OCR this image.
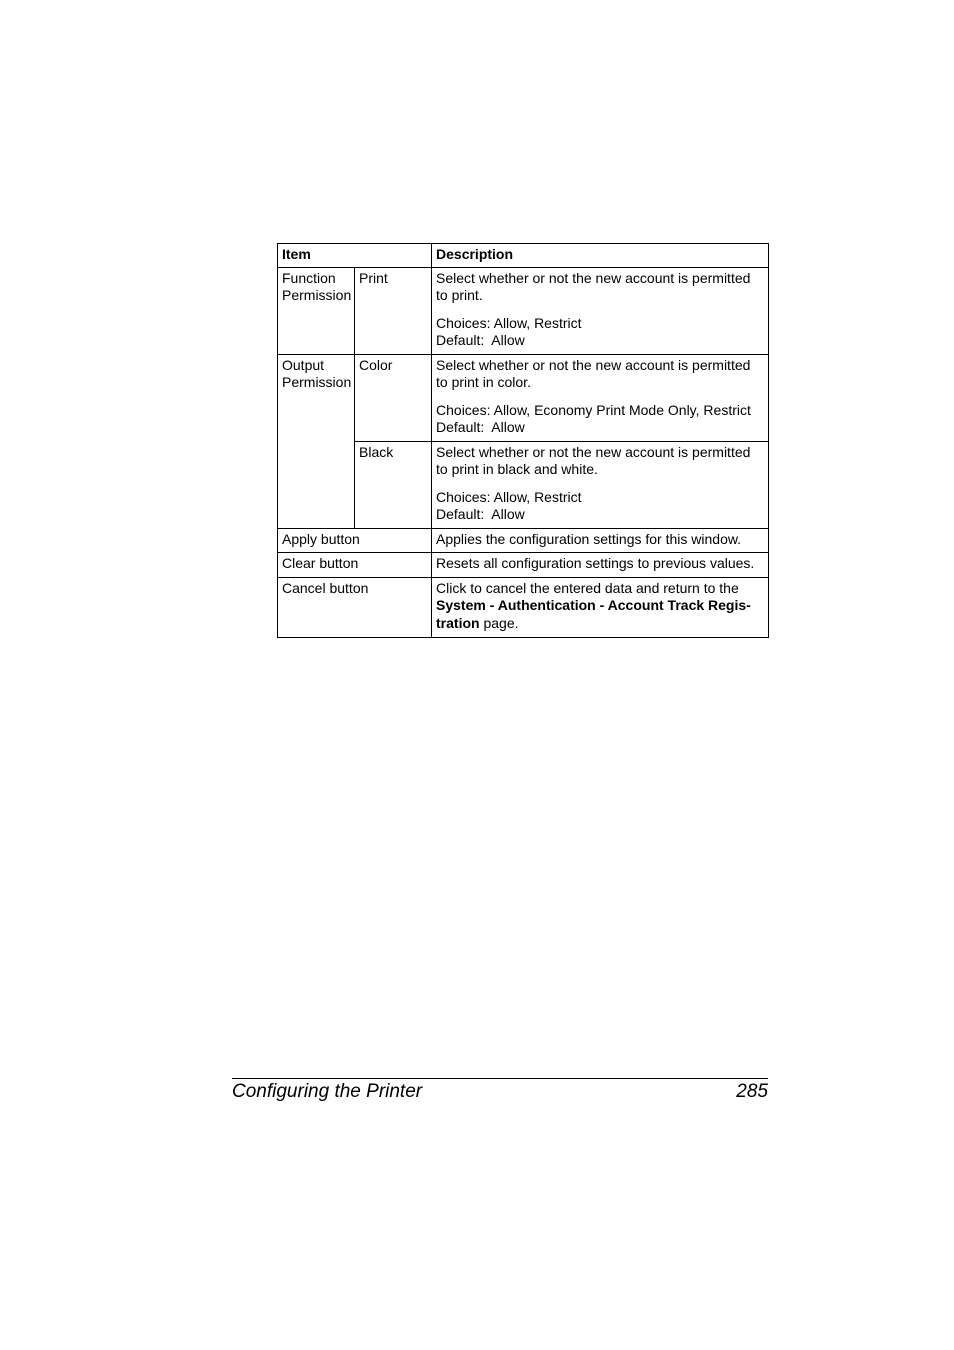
Item		Description
Function Permission	Print	Select whether or not the new account is permitted to print.
Choices: Allow, Restrict
Default:  Allow

Output Permission	Color	Select whether or not the new account is permitted to print in color.
Choices: Allow, Economy Print Mode Only, Restrict
Default:  Allow

	Black	Select whether or not the new account is permitted to print in black and white.
Choices: Allow, Restrict
Default:  Allow

Apply button		Applies the configuration settings for this window.
Clear button		Resets all configuration settings to previous values.
Cancel button		Click to cancel the entered data and return to the System - Authentication - Account Track Regis-tration page.
Configuring the Printer	285
